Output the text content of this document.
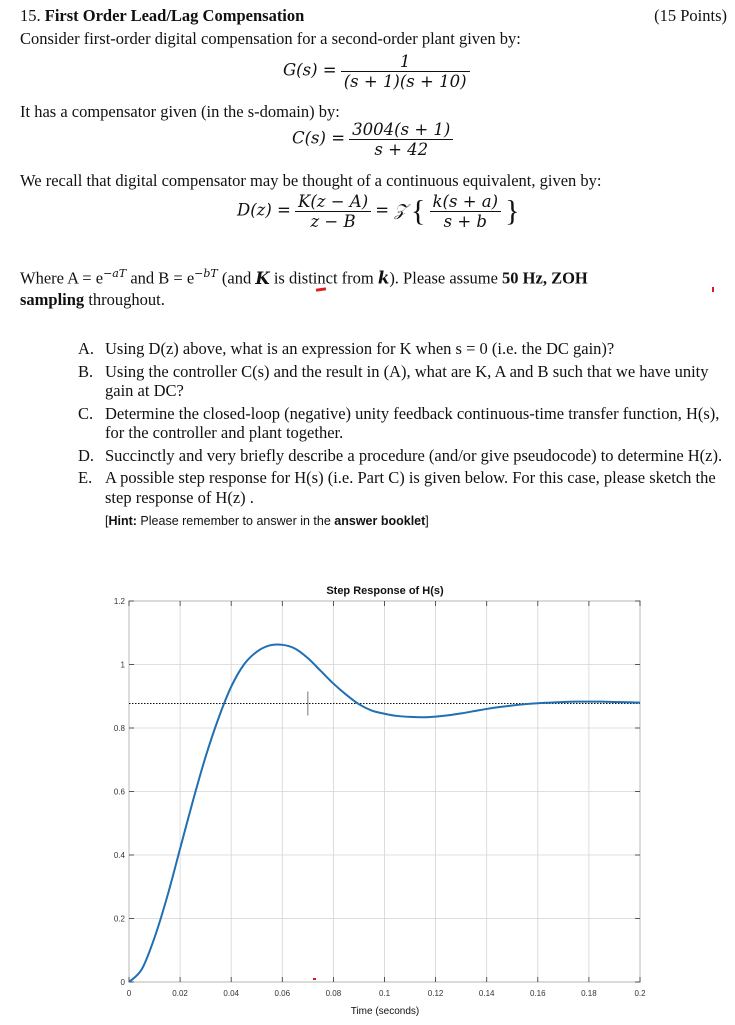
15. First Order Lead/Lag Compensation	(15 Points)
Consider first-order digital compensation for a second-order plant given by:
$G(s) = \frac{1}{(s + 1)(s + 10)}$
It has a compensator given (in the s-domain) by:
$C(s) = \frac{3004(s + 1)}{s + 42}$
We recall that digital compensator may be thought of a continuous equivalent, given by:
$D(z) = \frac{K(z - A)}{z - B}$ = 𝒵 { $\frac{k(s + a)}{s + b}$ }
Where $A = e^{-aT}$ and $B = e^{-bT}$ (and K is distinct from k). Please assume 50 Hz, ZOH
sampling throughout.
A. Using D(z) above, what is an expression for K when s = 0 (i.e. the DC gain)?
B. Using the controller C(s) and the result in (A), what are K, A and B such that we have unity gain at DC?
C. Determine the closed-loop (negative) unity feedback continuous-time transfer function, H(s), for the controller and plant together.
D. Succinctly and very briefly describe a procedure (and/or give pseudocode) to determine H(z).
E. A possible step response for H(s) (i.e. Part C) is given below. For this case, please sketch the step response of H(z) .
[Hint: Please remember to answer in the answer booklet]
Step Response of H(s)
Time (seconds)
0	0.02	0.04	0.06	0.08	0.1	0.12	0.14	0.16	0.18	0.2
0
0.2
0.4
0.6
0.8
1
1.2
